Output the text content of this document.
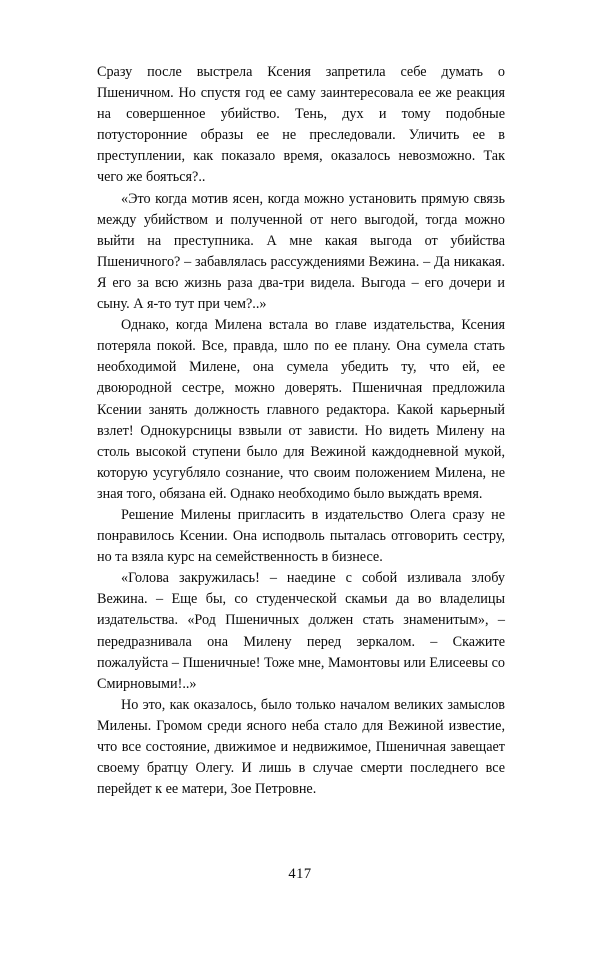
Сразу после выстрела Ксения запретила себе думать о Пшеничном. Но спустя год ее саму заинтересовала ее же реакция на совершенное убийство. Тень, дух и тому подобные потусторонние образы ее не преследовали. Уличить ее в преступлении, как показало время, оказалось невозможно. Так чего же бояться?..

«Это когда мотив ясен, когда можно установить прямую связь между убийством и полученной от него выгодой, тогда можно выйти на преступника. А мне какая выгода от убийства Пшеничного? – забавлялась рассуждениями Вежина. – Да никакая. Я его за всю жизнь раза два-три видела. Выгода – его дочери и сыну. А я-то тут при чем?..»

Однако, когда Милена встала во главе издательства, Ксения потеряла покой. Все, правда, шло по ее плану. Она сумела стать необходимой Милене, она сумела убедить ту, что ей, ее двоюродной сестре, можно доверять. Пшеничная предложила Ксении занять должность главного редактора. Какой карьерный взлет! Однокурсницы взвыли от зависти. Но видеть Милену на столь высокой ступени было для Вежиной каждодневной мукой, которую усугубляло сознание, что своим положением Милена, не зная того, обязана ей. Однако необходимо было выждать время.

Решение Милены пригласить в издательство Олега сразу не понравилось Ксении. Она исподволь пыталась отговорить сестру, но та взяла курс на семейственность в бизнесе.

«Голова закружилась! – наедине с собой изливала злобу Вежина. – Еще бы, со студенческой скамьи да во владелицы издательства. «Род Пшеничных должен стать знаменитым», – передразнивала она Милену перед зеркалом. – Скажите пожалуйста – Пшеничные! Тоже мне, Мамонтовы или Елисеевы со Смирновыми!..»

Но это, как оказалось, было только началом великих замыслов Милены. Громом среди ясного неба стало для Вежиной известие, что все состояние, движимое и недвижимое, Пшеничная завещает своему братцу Олегу. И лишь в случае смерти последнего все перейдет к ее матери, Зое Петровне.

417
